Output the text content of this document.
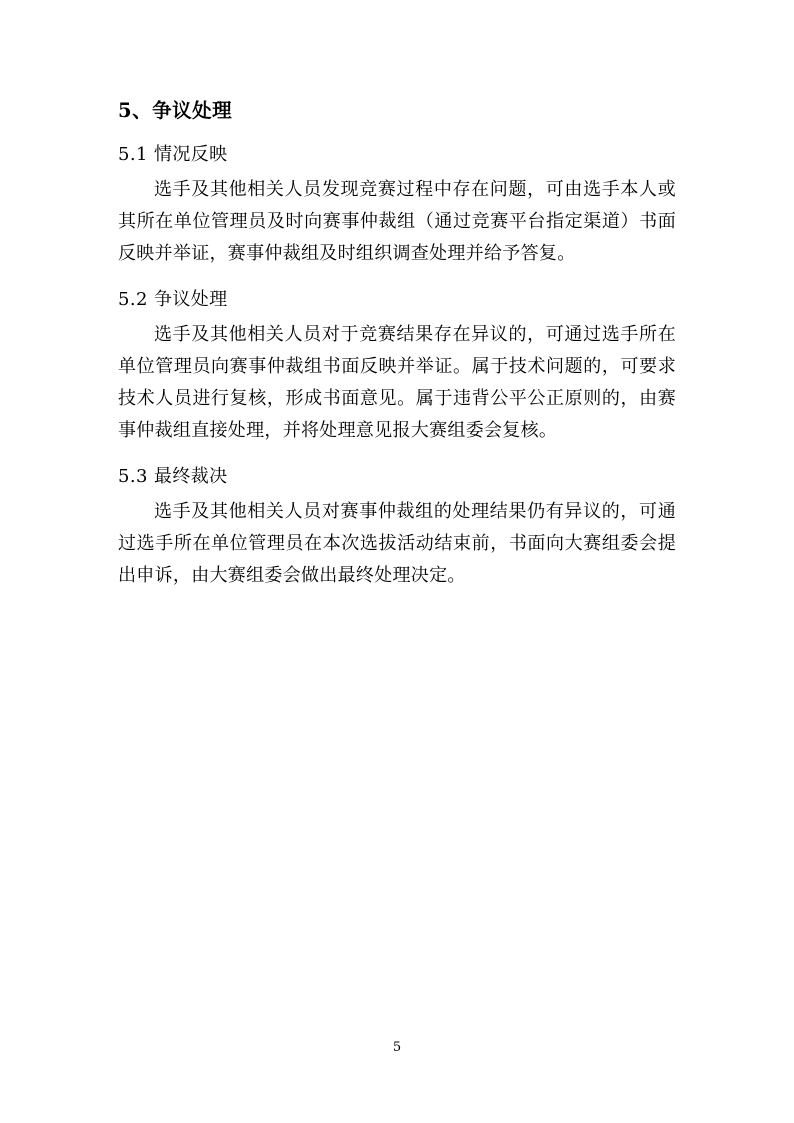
5、争议处理
5.1 情况反映

选手及其他相关人员发现竞赛过程中存在问题，可由选手本人或其所在单位管理员及时向赛事仲裁组（通过竞赛平台指定渠道）书面反映并举证，赛事仲裁组及时组织调查处理并给予答复。

5.2 争议处理

选手及其他相关人员对于竞赛结果存在异议的，可通过选手所在单位管理员向赛事仲裁组书面反映并举证。属于技术问题的，可要求技术人员进行复核，形成书面意见。属于违背公平公正原则的，由赛事仲裁组直接处理，并将处理意见报大赛组委会复核。

5.3 最终裁决

选手及其他相关人员对赛事仲裁组的处理结果仍有异议的，可通过选手所在单位管理员在本次选拔活动结束前，书面向大赛组委会提出申诉，由大赛组委会做出最终处理决定。

5
